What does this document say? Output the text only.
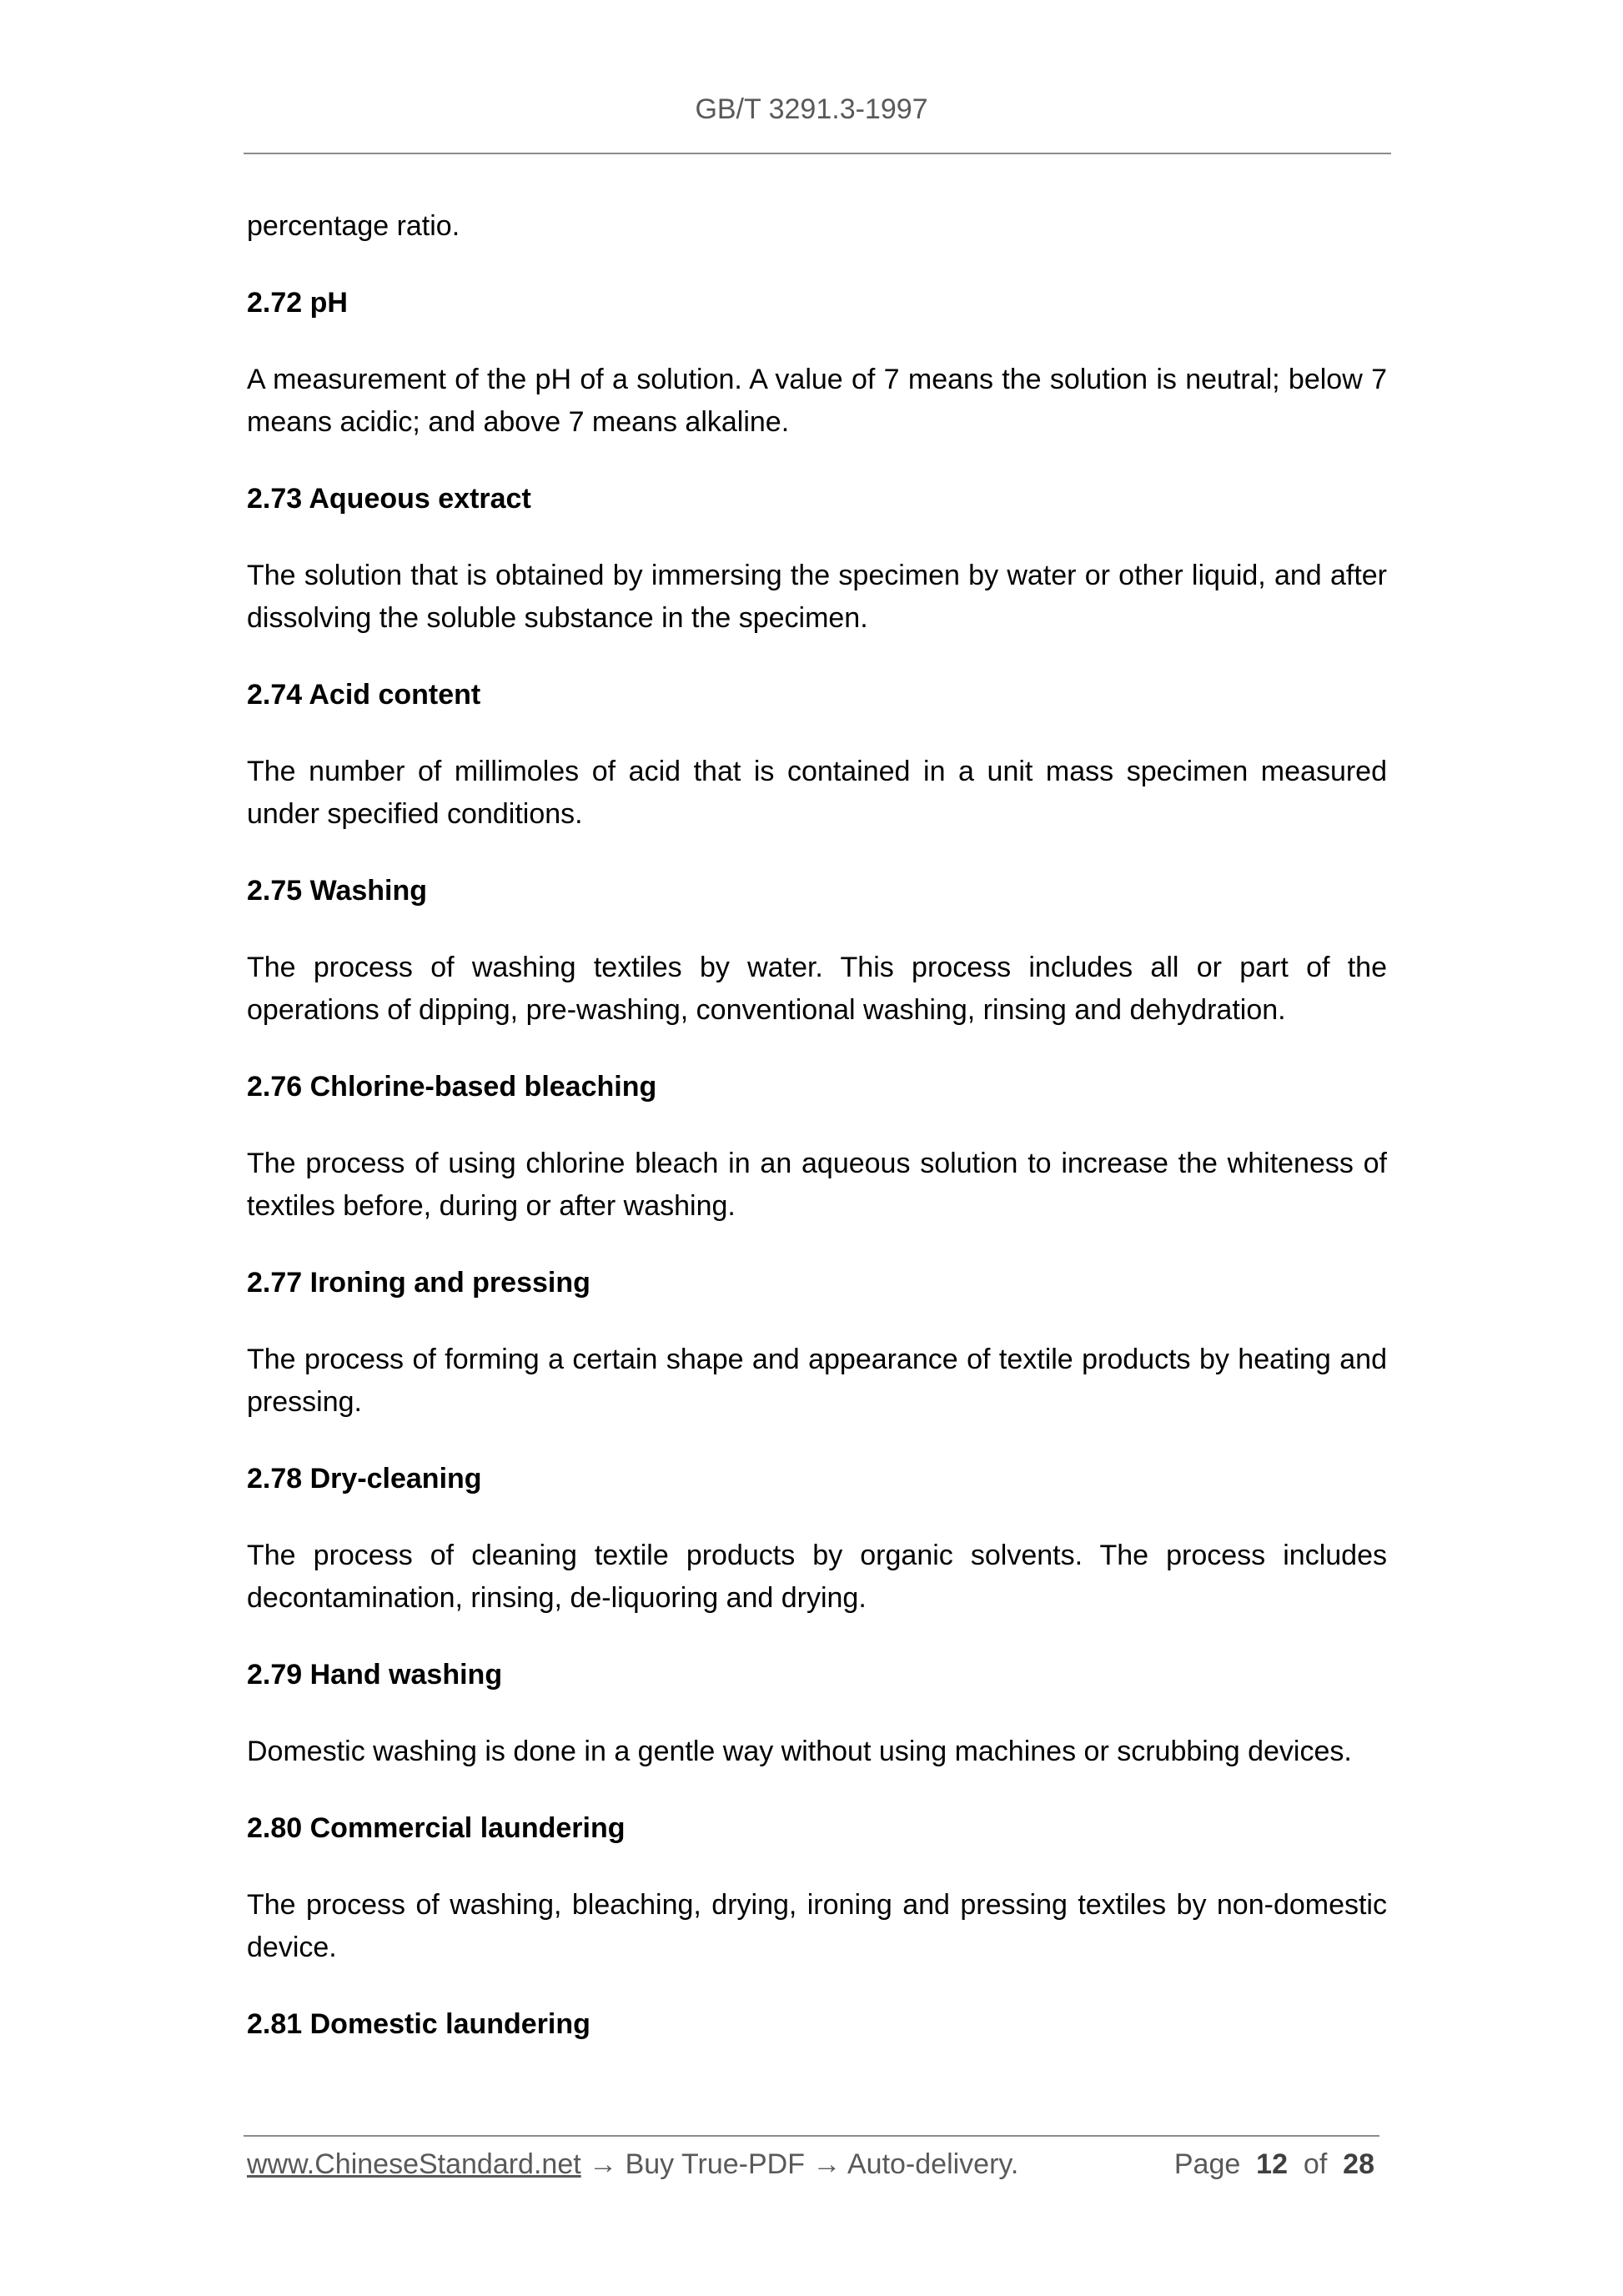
GB/T 3291.3-1997

percentage ratio.

2.72 pH

A measurement of the pH of a solution. A value of 7 means the solution is neutral; below 7 means acidic; and above 7 means alkaline.

2.73 Aqueous extract

The solution that is obtained by immersing the specimen by water or other liquid, and after dissolving the soluble substance in the specimen.

2.74 Acid content

The number of millimoles of acid that is contained in a unit mass specimen measured under specified conditions.

2.75 Washing

The process of washing textiles by water. This process includes all or part of the operations of dipping, pre-washing, conventional washing, rinsing and dehydration.

2.76 Chlorine-based bleaching

The process of using chlorine bleach in an aqueous solution to increase the whiteness of textiles before, during or after washing.

2.77 Ironing and pressing

The process of forming a certain shape and appearance of textile products by heating and pressing.

2.78 Dry-cleaning

The process of cleaning textile products by organic solvents. The process includes decontamination, rinsing, de-liquoring and drying.

2.79 Hand washing

Domestic washing is done in a gentle way without using machines or scrubbing devices.

2.80 Commercial laundering

The process of washing, bleaching, drying, ironing and pressing textiles by non-domestic device.

2.81 Domestic laundering
www.ChineseStandard.net → Buy True-PDF → Auto-delivery.	Page 12 of 28
